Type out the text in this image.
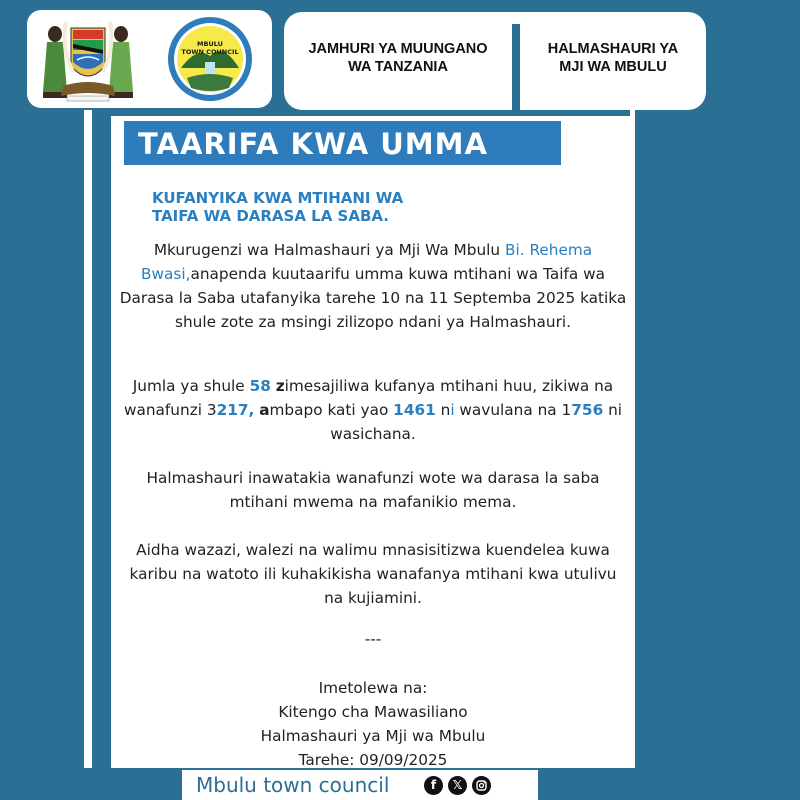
MBULU
TOWN COUNCIL	JAMHURI YA MUUNGANO
WA TANZANIA
HALMASHAURI YA
MJI WA MBULU
TAARIFA KWA UMMA
KUFANYIKA KWA MTIHANI WA
TAIFA WA DARASA LA SABA.
Mkurugenzi wa Halmashauri ya Mji Wa Mbulu Bi. Rehema Bwasi,anapenda kuutaarifu umma kuwa mtihani wa Taifa wa Darasa la Saba utafanyika tarehe 10 na 11 Septemba 2025 katika shule zote za msingi zilizopo ndani ya Halmashauri.
Jumla ya shule 58 zimesajiliwa kufanya mtihani huu, zikiwa na wanafunzi 3217, ambapo kati yao 1461 ni wavulana na 1756 ni wasichana.
Halmashauri inawatakia wanafunzi wote wa darasa la saba mtihani mwema na mafanikio mema.
Aidha wazazi, walezi na walimu mnasisitizwa kuendelea kuwa karibu na watoto ili kuhakikisha wanafanya mtihani kwa utulivu na kujiamini.
---
Imetolewa na:
Kitengo cha Mawasiliano
Halmashauri ya Mji wa Mbulu
Tarehe: 09/09/2025
Mbulu town council	f	𝕏
